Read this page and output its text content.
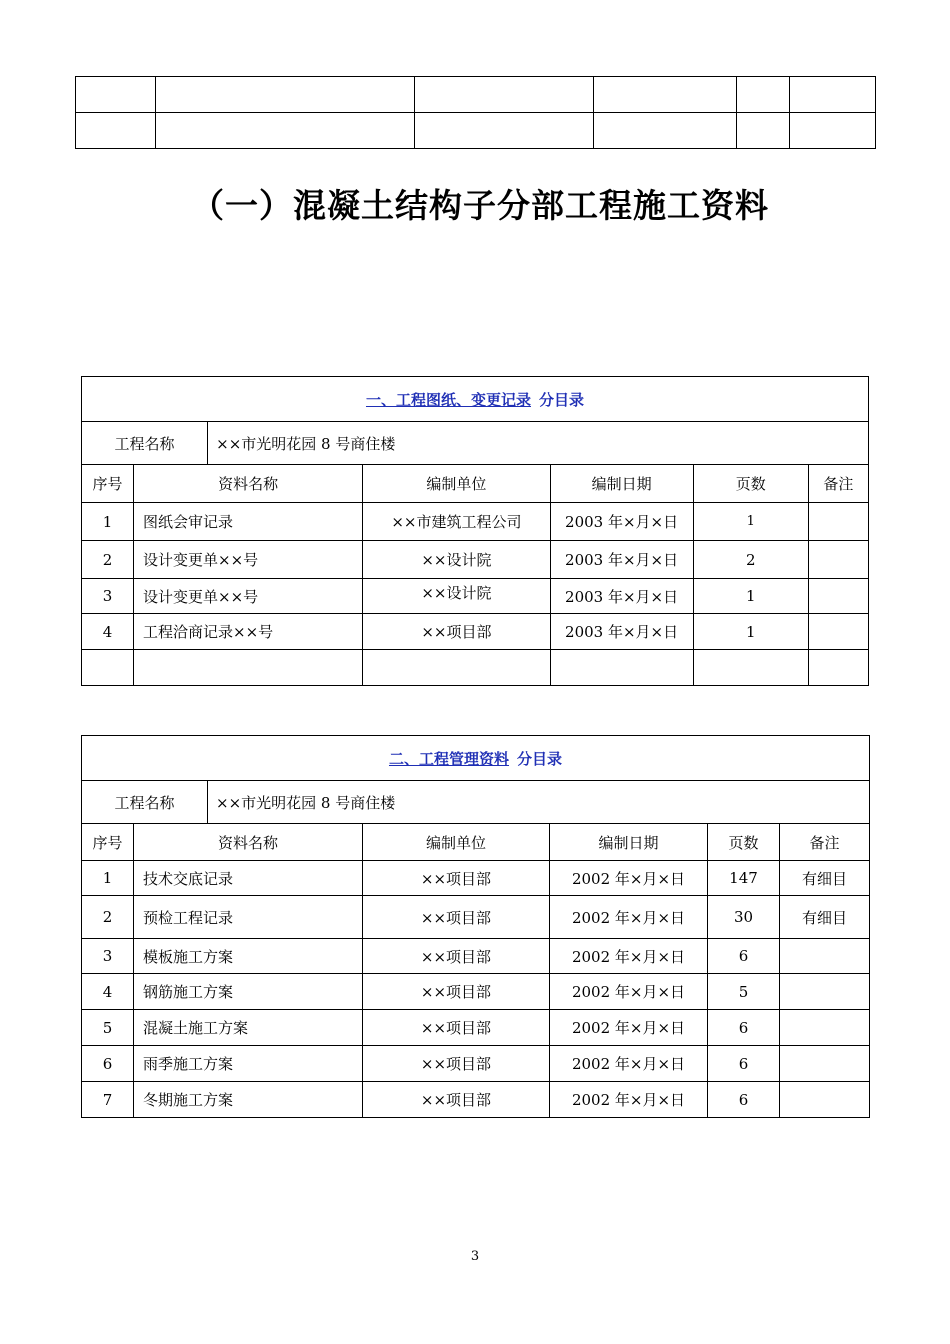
（一）混凝土结构子分部工程施工资料
一、工程图纸、变更记录 分目录						
工程名称		××市光明花园 8 号商住楼				
序号	资料名称		编制单位	编制日期	页数	备注
1	图纸会审记录		××市建筑工程公司	2003 年×月×日	1	
2	设计变更单××号		××设计院	2003 年×月×日	2	
3	设计变更单××号		××设计院	2003 年×月×日	1	
4	工程洽商记录××号		××项目部	2003 年×月×日	1	

二、工程管理资料 分目录						
工程名称		××市光明花园 8 号商住楼				
序号	资料名称		编制单位	编制日期	页数	备注
1	技术交底记录		××项目部	2002 年×月×日	147	有细目
2	预检工程记录		××项目部	2002 年×月×日	30	有细目
3	模板施工方案		××项目部	2002 年×月×日	6	
4	钢筋施工方案		××项目部	2002 年×月×日	5	
5	混凝土施工方案		××项目部	2002 年×月×日	6	
6	雨季施工方案		××项目部	2002 年×月×日	6	
7	冬期施工方案		××项目部	2002 年×月×日	6	
3
